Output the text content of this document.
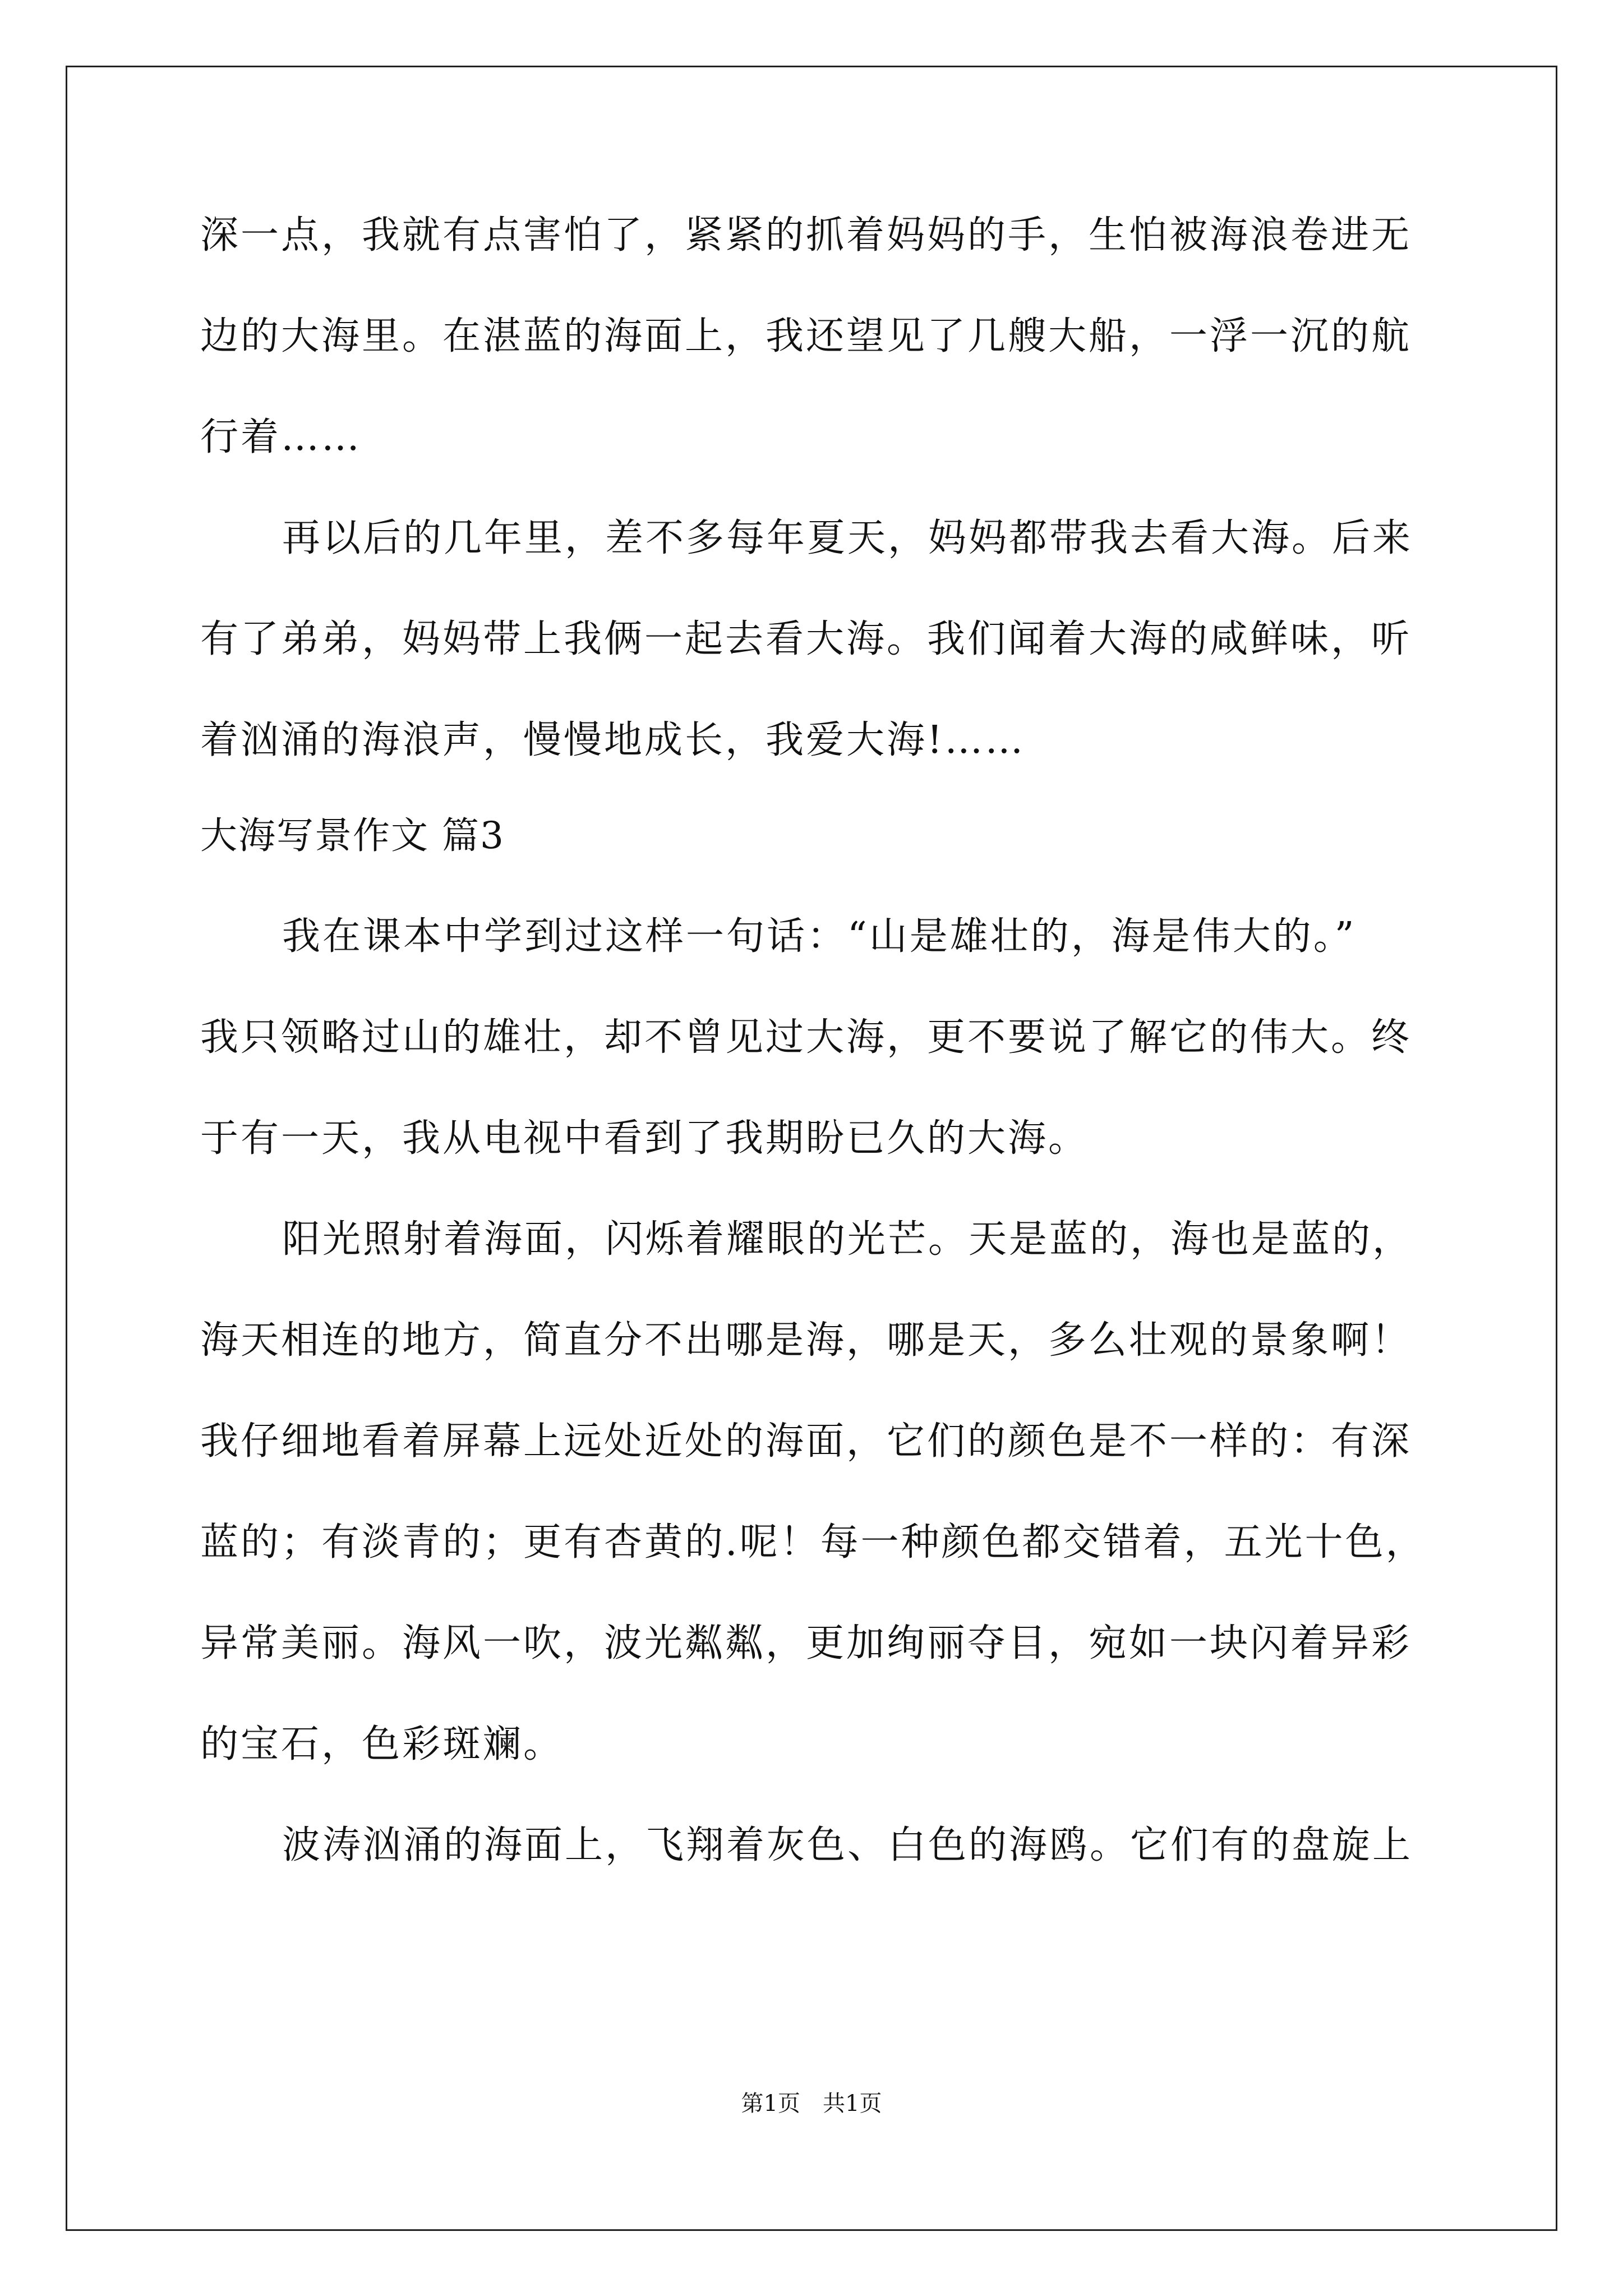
深一点，我就有点害怕了，紧紧的抓着妈妈的手，生怕被海浪卷进无
边的大海里。在湛蓝的海面上，我还望见了几艘大船，一浮一沉的航
行着……
再以后的几年里，差不多每年夏天，妈妈都带我去看大海。后来
有了弟弟，妈妈带上我俩一起去看大海。我们闻着大海的咸鲜味，听
着汹涌的海浪声，慢慢地成长，我爱大海!……
大海写景作文 篇3
我在课本中学到过这样一句话：“山是雄壮的，海是伟大的。”
我只领略过山的雄壮，却不曾见过大海，更不要说了解它的伟大。终
于有一天，我从电视中看到了我期盼已久的大海。
阳光照射着海面，闪烁着耀眼的光芒。天是蓝的，海也是蓝的，
海天相连的地方，简直分不出哪是海，哪是天，多么壮观的景象啊！
我仔细地看着屏幕上远处近处的海面，它们的颜色是不一样的：有深
蓝的；有淡青的；更有杏黄的.呢！每一种颜色都交错着，五光十色，
异常美丽。海风一吹，波光粼粼，更加绚丽夺目，宛如一块闪着异彩
的宝石，色彩斑斓。
波涛汹涌的海面上，飞翔着灰色、白色的海鸥。它们有的盘旋上
第1页　共1页
